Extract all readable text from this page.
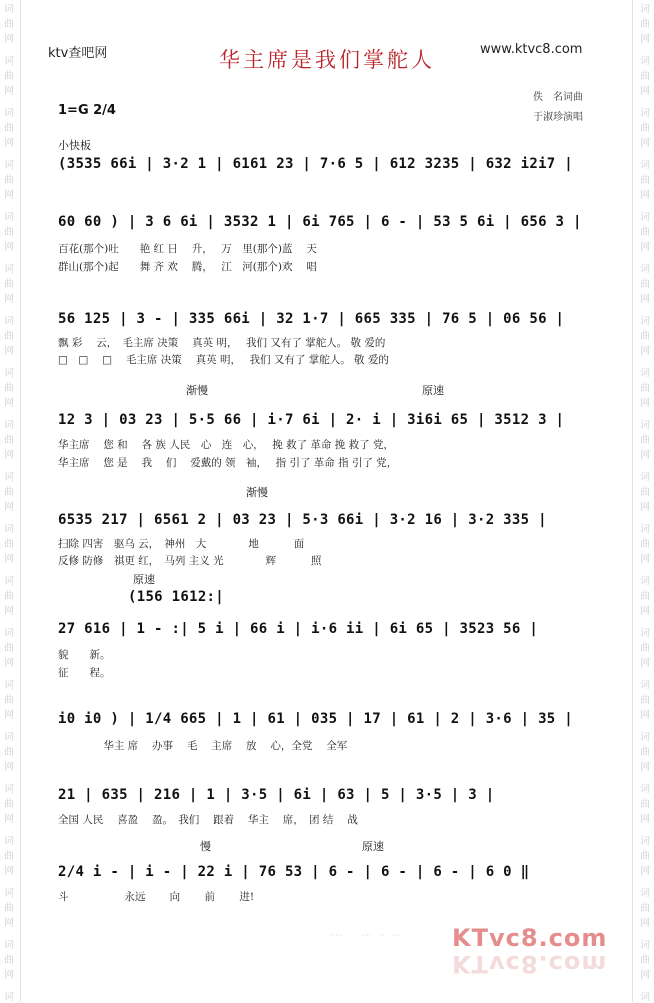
词
曲
网
词
曲
网
词
曲
网
词
曲
网
词
曲
网
词
曲
网
词
曲
网
词
曲
网
词
曲
网
词
曲
网
词
曲
网
词
曲
网
词
曲
网
词
曲
网
词
曲
网
词
曲
网
词
曲
网
词
曲
网
词
曲
网
词
词
曲
网
词
曲
网
词
曲
网
词
曲
网
词
曲
网
词
曲
网
词
曲
网
词
曲
网
词
曲
网
词
曲
网
词
曲
网
词
曲
网
词
曲
网
词
曲
网
词
曲
网
词
曲
网
词
曲
网
词
曲
网
词
曲
网
词
ktv查吧网	www.ktvc8.com
华主席是我们掌舵人
佚　名词曲
于淑珍演唱
1=G 2/4
小快板
(3535 66i | 3·2 1 | 6161 23 | 7·6 5 | 612 3235 | 632 i2i7 |
60 60 ) | 3 6 6i | 3532 1 | 6i 765 | 6 - | 53 5 6i | 656 3 |
百花(那个)吐　　艳 红 日　 升，　 万　里(那个)蓝　 天
群山(那个)起　　舞 齐 欢　 腾，　 江　河(那个)欢　 唱
56 125 | 3 - | 335 66i | 32 1·7 | 665 335 | 76 5 | 06 56 |
飘 彩　 云，　毛主席 决策　 真英 明，　 我们 又有了 掌舵人。 敬 爱的
□　□　 □　 毛主席 决策　 真英 明，　 我们 又有了 掌舵人。 敬 爱的
渐慢	原速
12 3 | 03 23 | 5·5 66 | i·7 6i | 2· i | 3i6i 65 | 3512 3 |
华主席　 您 和　 各 族 人民　心　连　心，　 挽 救了 革命 挽 救了 党，
华主席　 您 是　 我　 们　 爱戴的 领　袖，　 指 引了 革命 指 引了 党，
渐慢
6535 217 | 6561 2 | 03 23 | 5·3 66i | 3·2 16 | 3·2 335 |
扫除 四害　驱乌 云，　神州　大　　　　地　　　 面
反修 防修　祺更 红，　马列 主义 光　　　　辉　　　 照
原速
(156 1612:|
27 616 | 1 - :| 5 i | 66 i | i·6 ii | 6i 65 | 3523 56 |
貌　　新。
征　　程。
i0 i0 ) | 1/4 665 | 1 | 61 | 035 | 17 | 61 | 2 | 3·6 | 35 |
　　　　 华主 席　 办事　 毛　 主席　 放　 心，全党　 全军
21 | 635 | 216 | 1 | 3·5 | 6i | 63 | 5 | 3·5 | 3 |
全国 人民　 喜盈　 盈。　我们　 跟着　 华主　 席，　团 结　 战
慢	原速
2/4 i - | i - | 22 i | 76 53 | 6 - | 6 - | 6 - | 6 0 ‖
斗　　　　　 永远　　 向　　 前　　 进!
·····　·　····　··　··· KTvc8.com
KTvc8.com
